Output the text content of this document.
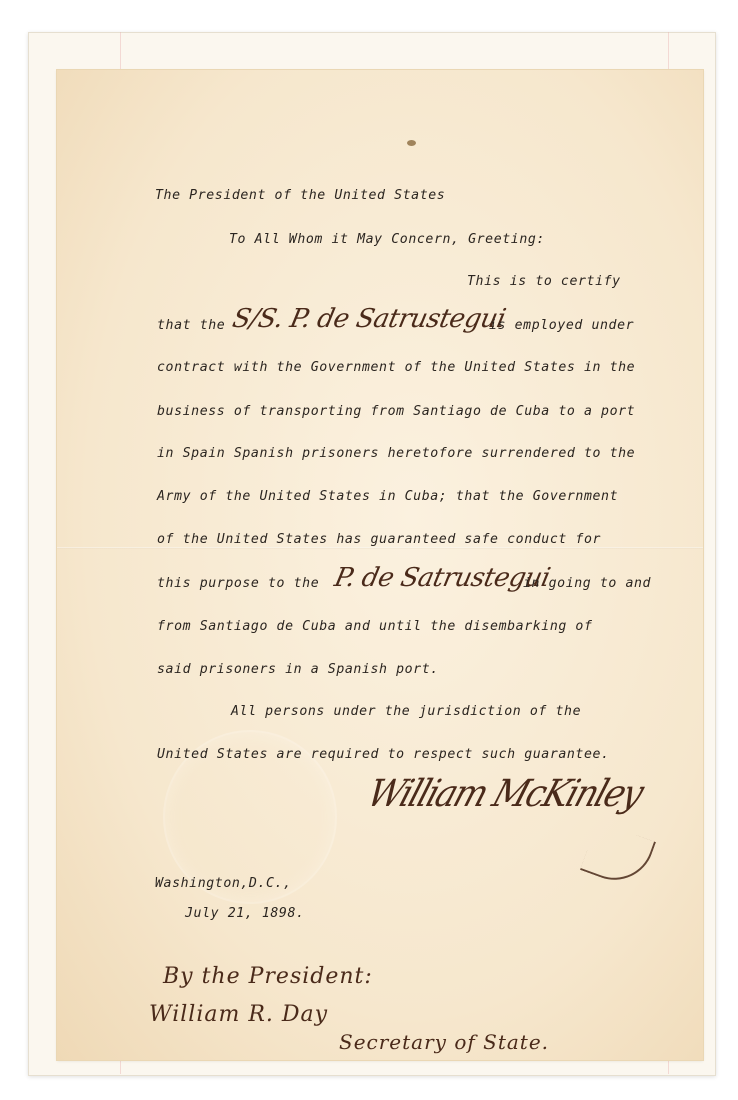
The President of the United States
To All Whom it May Concern, Greeting:
This is to certify
that the S/S. P. de Satrustegui
is employed under
contract with the Government of the United States in the
business of transporting from Santiago de Cuba to a port
in Spain Spanish prisoners heretofore surrendered to the
Army of the United States in Cuba; that the Government
of the United States has guaranteed safe conduct for
this purpose to the P. de Satrustegui
in going to and
from Santiago de Cuba and until the disembarking of
said prisoners in a Spanish port.
All persons under the jurisdiction of the
United States are required to respect such guarantee.
William McKinley
Washington,D.C.,
July 21, 1898.
By the President:
William R. Day
Secretary of State.
